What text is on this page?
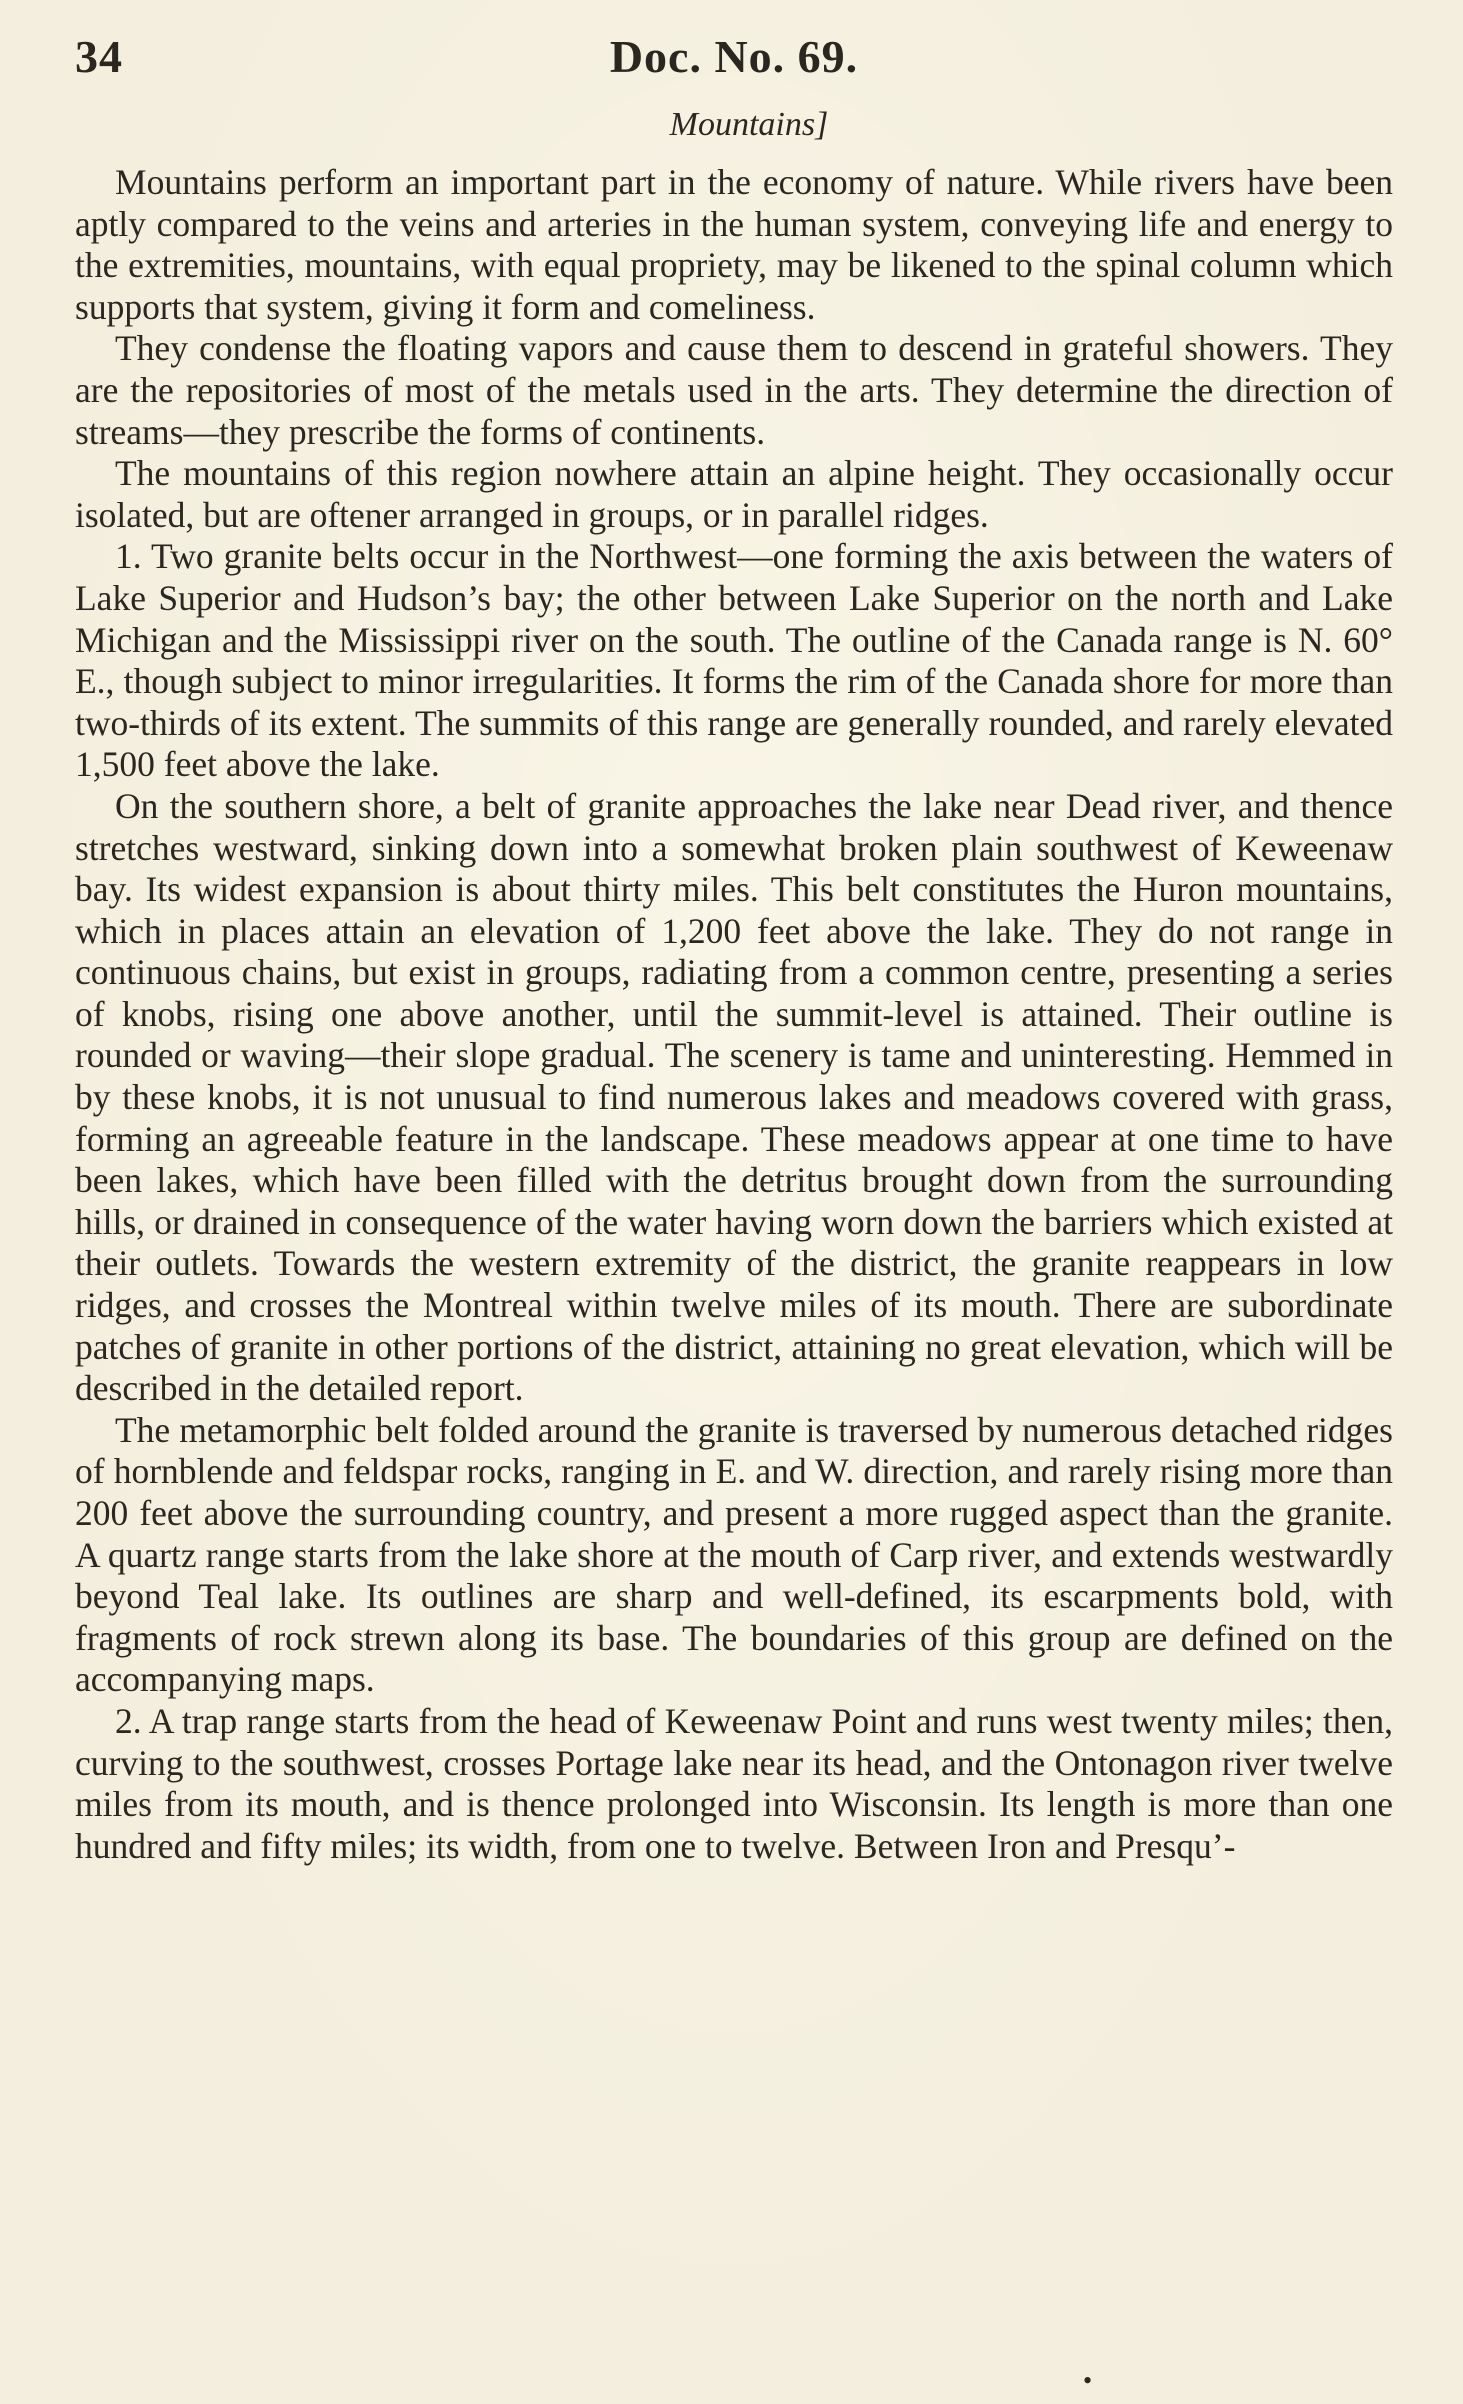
34	Doc. No. 69.
Mountains]

Mountains perform an important part in the economy of nature. While rivers have been aptly compared to the veins and arteries in the human system, conveying life and energy to the extremities, mountains, with equal propriety, may be likened to the spinal column which supports that system, giving it form and comeliness.

They condense the floating vapors and cause them to descend in grateful showers. They are the repositories of most of the metals used in the arts. They determine the direction of streams—they prescribe the forms of continents.

The mountains of this region nowhere attain an alpine height. They occasionally occur isolated, but are oftener arranged in groups, or in parallel ridges.

1. Two granite belts occur in the Northwest—one forming the axis between the waters of Lake Superior and Hudson’s bay; the other between Lake Superior on the north and Lake Michigan and the Mississippi river on the south. The outline of the Canada range is N. 60° E., though subject to minor irregularities. It forms the rim of the Canada shore for more than two-thirds of its extent. The summits of this range are generally rounded, and rarely elevated 1,500 feet above the lake.

On the southern shore, a belt of granite approaches the lake near Dead river, and thence stretches westward, sinking down into a somewhat broken plain southwest of Keweenaw bay. Its widest expansion is about thirty miles. This belt constitutes the Huron mountains, which in places attain an elevation of 1,200 feet above the lake. They do not range in continuous chains, but exist in groups, radiating from a common centre, presenting a series of knobs, rising one above another, until the summit-level is attained. Their outline is rounded or waving—their slope gradual. The scenery is tame and uninteresting. Hemmed in by these knobs, it is not unusual to find numerous lakes and meadows covered with grass, forming an agreeable feature in the landscape. These meadows appear at one time to have been lakes, which have been filled with the detritus brought down from the surrounding hills, or drained in consequence of the water having worn down the barriers which existed at their outlets. Towards the western extremity of the district, the granite reappears in low ridges, and crosses the Montreal within twelve miles of its mouth. There are subordinate patches of granite in other portions of the district, attaining no great elevation, which will be described in the detailed report.

The metamorphic belt folded around the granite is traversed by numerous detached ridges of hornblende and feldspar rocks, ranging in E. and W. direction, and rarely rising more than 200 feet above the surrounding country, and present a more rugged aspect than the granite. A quartz range starts from the lake shore at the mouth of Carp river, and extends westwardly beyond Teal lake. Its outlines are sharp and well-defined, its escarpments bold, with fragments of rock strewn along its base. The boundaries of this group are defined on the accompanying maps.

2. A trap range starts from the head of Keweenaw Point and runs west twenty miles; then, curving to the southwest, crosses Portage lake near its head, and the Ontonagon river twelve miles from its mouth, and is thence prolonged into Wisconsin. Its length is more than one hundred and fifty miles; its width, from one to twelve. Between Iron and Presqu’-

•
